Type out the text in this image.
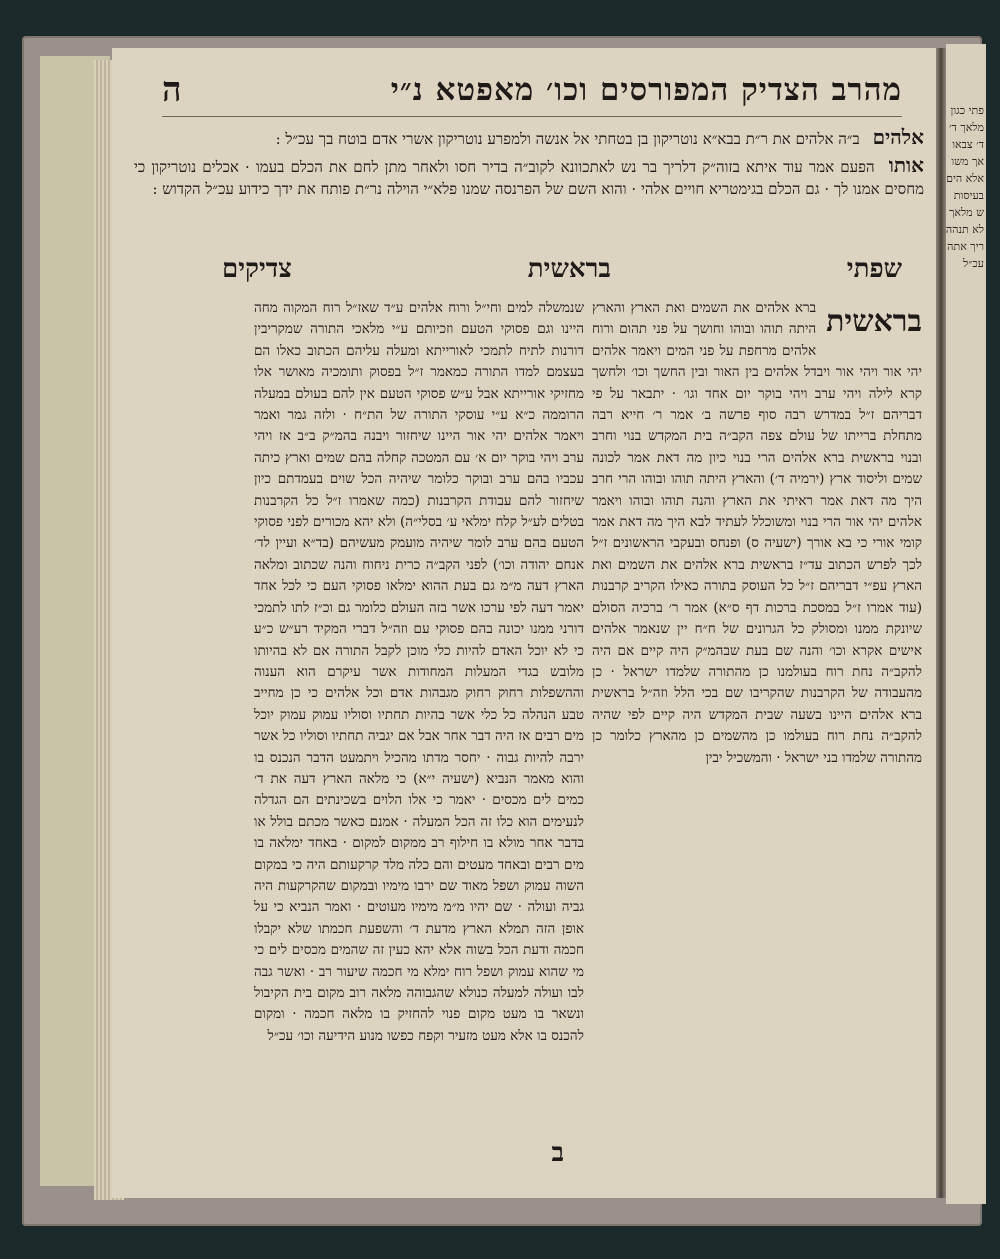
מהרב הצדיק המפורסים וכו׳ מאפטא נ״י
ה

אלהים ב״ה אלהים את ר״ת בבא״א נוטריקון בן בטחתי אל אנשה ולמפרע נוטריקון אשרי אדם בוטח בך עכ״ל :

אותו הפעם אמר עוד איתא בזוה״ק דלריך בר נש לאתכוונא לקוב״ה בדיר חסו ולאחר מתן לחם את הכלם בעמו · אכלים נוטריקון כי מחסים אמנו לך · גם הכלם בגימטריא חויים אלהי · והוא השם של הפרנסה שמנו פלא״י הוילה נר״ת פותח את ידך כידוע עכ״ל הקדוש :

שפתי
בראשית
צדיקים
בראשית

ברא אלהים את השמים ואת הארץ והארץ היתה תוהו ובוהו וחושך על פני תהום ורוח אלהים מרחפת על פני המים ויאמר אלהים יהי אור ויהי אור ויבדל אלהים בין האור ובין החשך וכו׳ ולחשך קרא לילה ויהי ערב ויהי בוקר יום אחד וגו׳ · יתבאר על פי דבריהם ז״ל במדרש רבה סוף פרשה ב׳ אמר ר׳ חייא רבה מתחלת ברייתו של עולם צפה הקב״ה בית המקדש בנוי וחרב ובנוי בראשית ברא אלהים הרי בנוי כיון מה דאת אמר לכונה שמים וליסוד ארץ (ירמיה ד׳) והארץ היתה תוהו ובוהו הרי חרב היך מה דאת אמר ראיתי את הארץ והנה תוהו ובוהו ויאמר אלהים יהי אור הרי בנוי ומשוכלל לעתיד לבא היך מה דאת אמר קומי אורי כי בא אורך (ישעיה ס) ופנחס ובעקבי הראשונים ז״ל לכך לפרש הכתוב עד״ז בראשית ברא אלהים את השמים ואת הארץ עפ״י דבריהם ז״ל כל העוסק בתורה כאילו הקריב קרבנות (עוד אמרו ז״ל במסכת ברכות דף ס״א) אמר ר׳ ברכיה הסולם שיונקת ממנו ומסולק כל הגרונים של ח״ח יין שנאמר אלהים אישים אקרא וכו׳ והנה שם בעת שבהמ״ק היה קיים אם היה להקב״ה נחת רוח בעולמנו כן מהתורה שלמדו ישראל · כן מהעבודה של הקרבנות שהקריבו שם בכי הלל וזה״ל בראשית ברא אלהים היינו בשעה שבית המקדש היה קיים לפי שהיה להקב״ה נחת רוח בעולמו כן מהשמים כן מהארץ כלומר כן מהתורה שלמדו בני ישראל · והמשכיל יבין

שנמשלה למים וחי״ל ורוח אלהים ע״ד שאז״ל רוח המקוה מחה היינו וגם פסוקי הטעם וזכיותם ע״י מלאכי התורה שמקריבין דורנות לתיח לתמכי לאורייתא ומעלה עליהם הכתוב כאלו הם בעצמם למדו התורה כמאמר ז״ל בפסוק ותומכיה מאושר אלו מחזיקי אורייתא אבל ע״ש פסוקי הטעם אין להם בעולם במעלה הרוממה כ״א ע״י עוסקי התורה של הת״ח · ולזה גמר ואמר ויאמר אלהים יהי אור היינו שיחזור ויבנה בהמ״ק ב״ב אז ויהי ערב ויהי בוקר יום א׳ עם המטכה קחלה בהם שמים וארץ כיתה עכביו בהם ערב ובוקר כלומר שיהיה הכל שוים בעמדתם כיון שיחזור להם עבודת הקרבנות (כמה שאמרו ז״ל כל הקרבנות בטלים לע״ל קלח ימלאי ע׳ בסלי״ה) ולא יהא מכורים לפני פסוקי הטעם בהם ערב לומר שיהיה מועמק מעשיהם (בד״א ועיין לד׳ אנחם יהודה וכו׳) לפני הקב״ה כרית ניחוח והנה שכתוב ומלאה הארץ דעה מ״מ גם בעת ההוא ימלאו פסוקי העם כי לכל אחד יאמר דעה לפי ערכו אשר בזה העולם כלומר גם וכ״ז לתו לתמכי דורני ממנו יכונה בהם פסוקי עם וזה״ל דברי המקיד רע״ש כ״ע כי לא יוכל האדם להיות כלי מוכן לקבל התורה אם לא בהיותו מלובש בגדי המעלות המחודות אשר עיקרם הוא הענוה וההשפלות רחוק רחוק מגבהות אדם וכל אלהים כי כן מחייב טבע הנהלה כל כלי אשר בהיות תחתיו וסוליו עמוק עמוק יוכל מים רבים אז היה דבר אחר אבל אם יגביה תחתיו וסוליו כל אשר ירבה להיות גבוה · יחסר מדתו מהכיל ויתמעט הדבר הנכנס בו והוא מאמר הנביא (ישעיה י״א) כי מלאה הארץ דעה את ד׳ כמים לים מכסים · יאמר כי אלו הלוים בשכינתים הם הגדלה לנעימים הוא כלו זה הכל המעלה · אמנם כאשר מכתם בולל או בדבר אחר מולא בו חילוף רב ממקום למקום · באחד ימלאה בו מים רבים ובאחד מעטים והם כלה מלד קרקעותם היה כי במקום השוה עמוק ושפל מאוד שם ירבו מימיו ובמקום שהקרקעות היה גביה ועולה · שם יהיו מ״מ מימיו מעוטים · ואמר הנביא כי על אופן הזה תמלא הארץ מדעת ד׳ והשפעת חכמתו שלא יקבלו חכמה ודעת הכל בשוה אלא יהא כעין זה שהמים מכסים לים כי מי שהוא עמוק ושפל רוח ימלא מי חכמה שיעור רב · ואשר גבה לבו ועולה למעלה כנולא שהגבוהה מלאה רוב מקום בית הקיבול ונשאר בו מעט מקום פנוי להחזיק בו מלאה חכמה · ומקום להכנס בו אלא מעט מזעיר וקפח כפשו מנוע הידיעה וכו׳ עכ״ל

ב
פתי כגון
מלאך ד׳
ד׳ צבאו
אך משו
אלא הים
בעיסות
ש מלאך
לא תנהה
ריך אתה
עכ״ל
